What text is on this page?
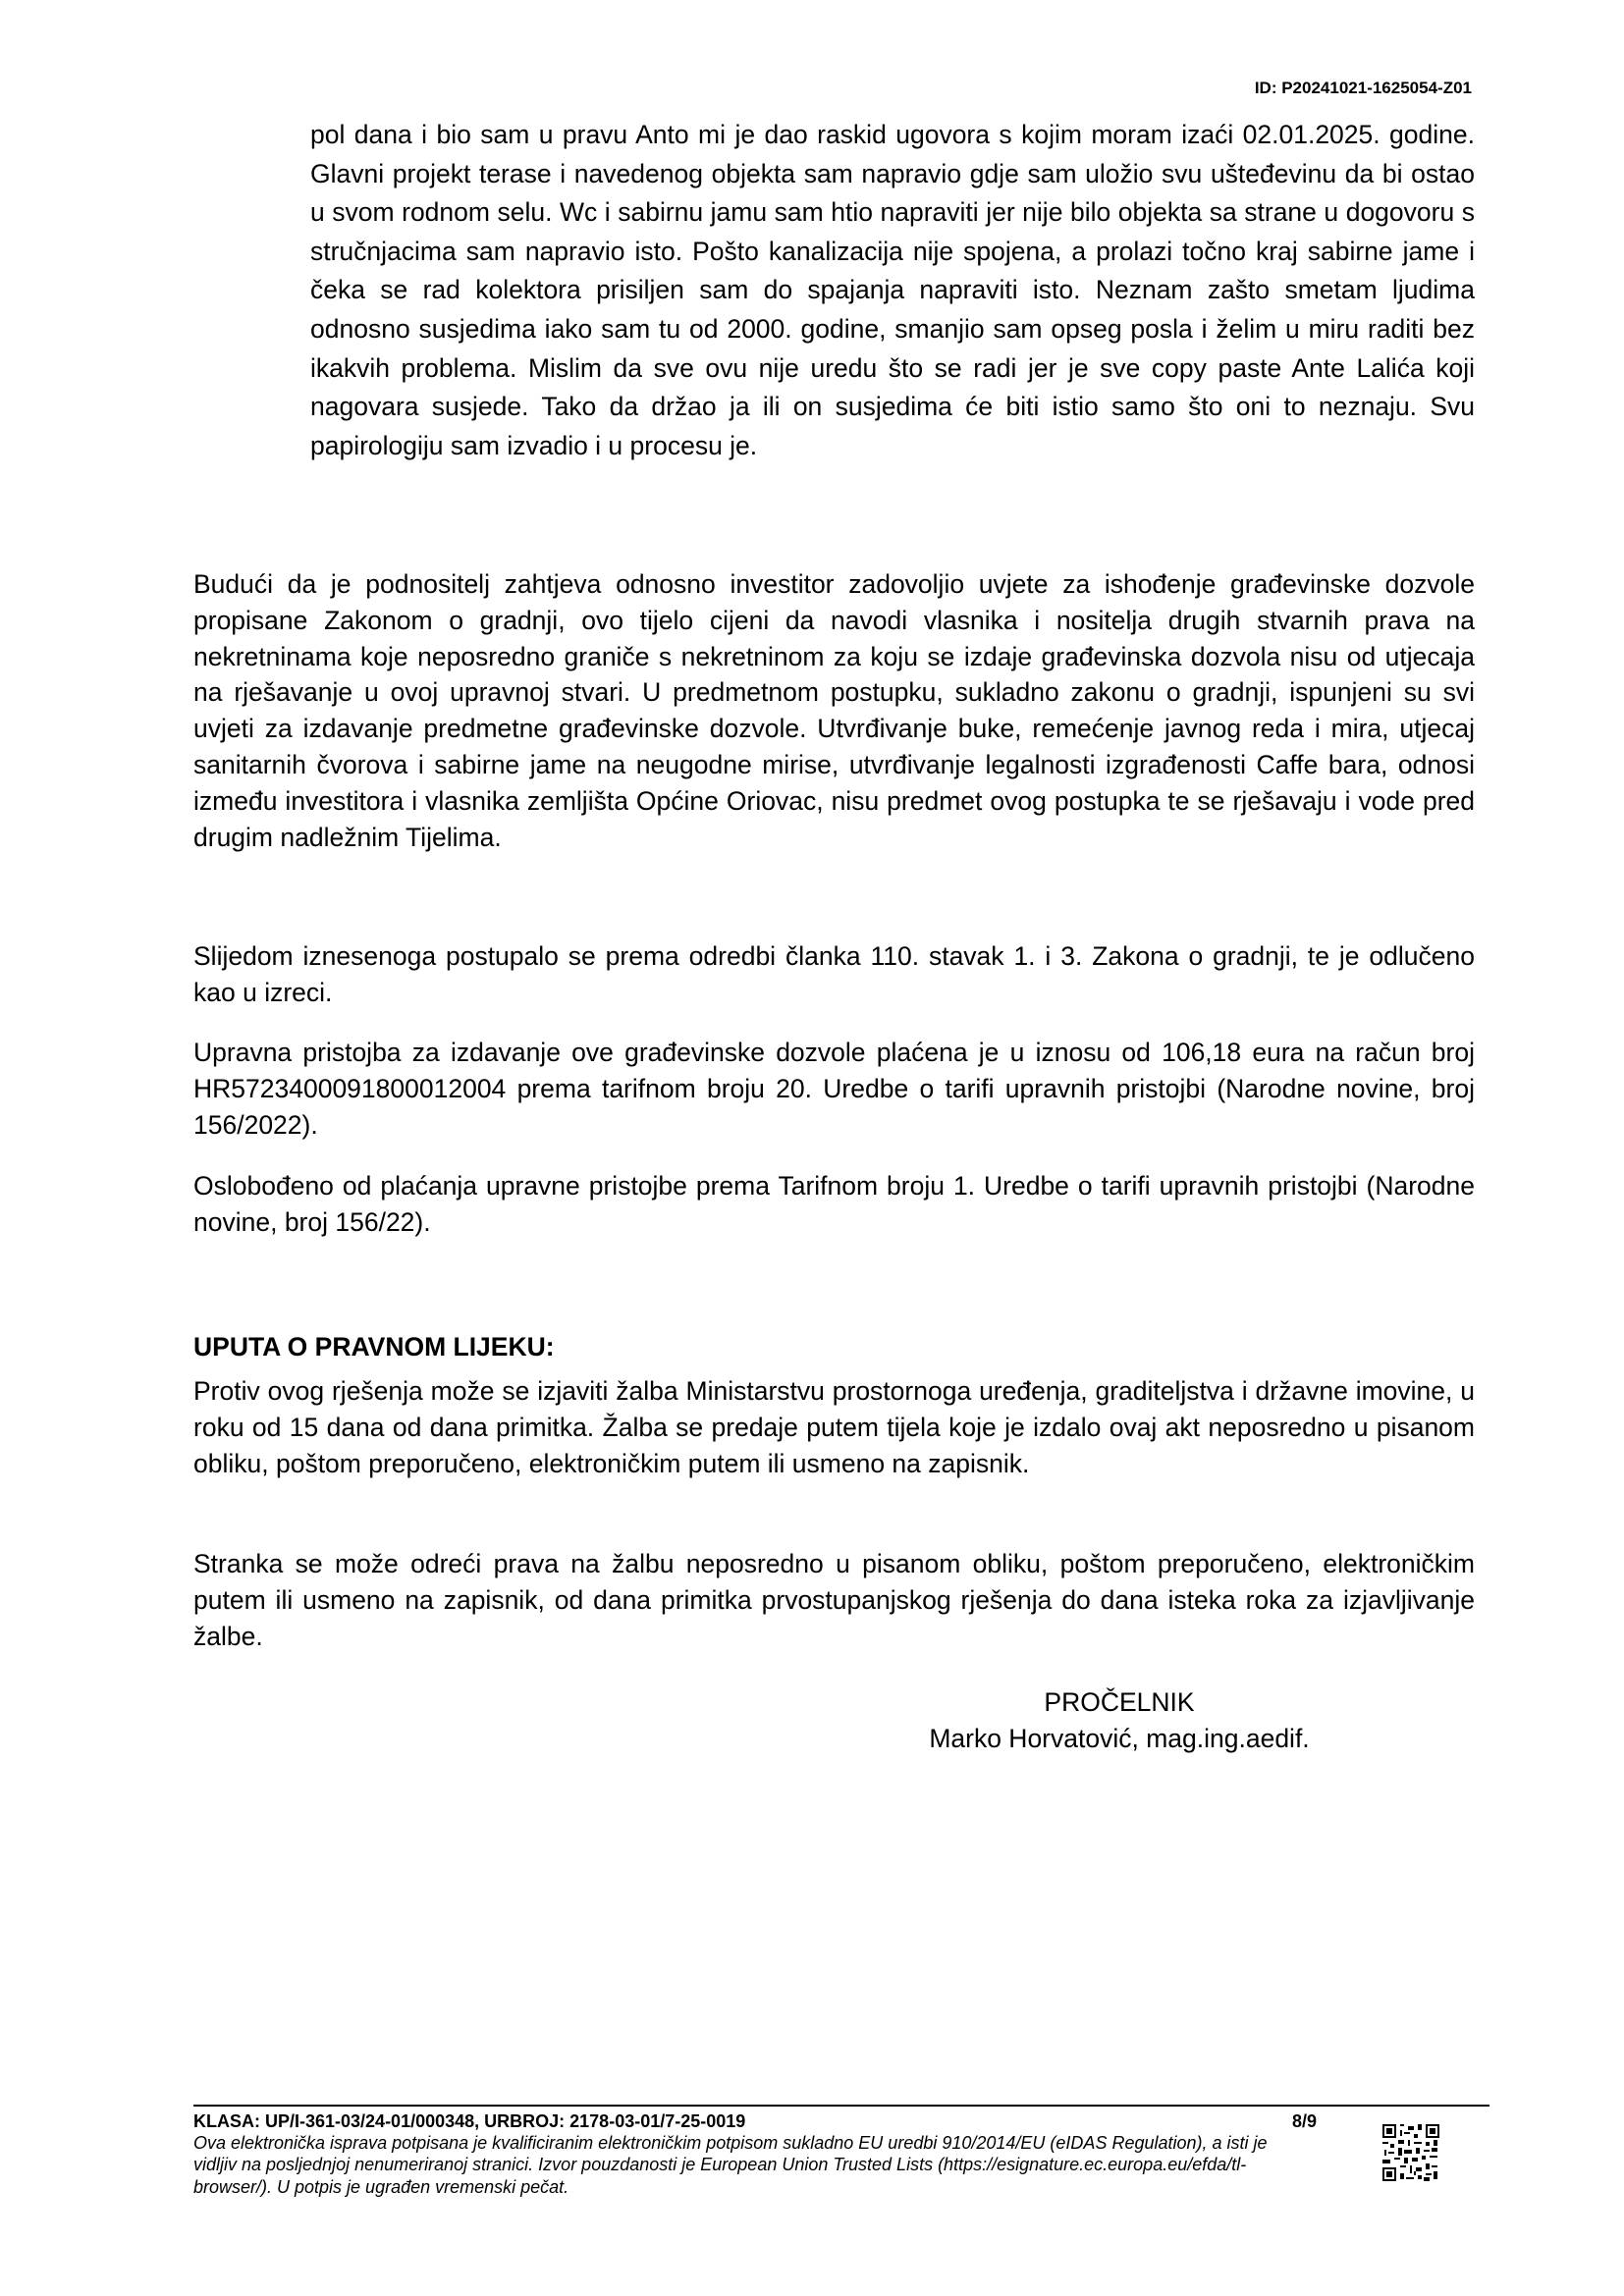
ID: P20241021-1625054-Z01

pol dana i bio sam u pravu Anto mi je dao raskid ugovora s kojim moram izaći 02.01.2025. godine. Glavni projekt terase i navedenog objekta sam napravio gdje sam uložio svu ušteđevinu da bi ostao u svom rodnom selu. Wc i sabirnu jamu sam htio napraviti jer nije bilo objekta sa strane u dogovoru s stručnjacima sam napravio isto. Pošto kanalizacija nije spojena, a prolazi točno kraj sabirne jame i čeka se rad kolektora prisiljen sam do spajanja napraviti isto. Neznam zašto smetam ljudima odnosno susjedima iako sam tu od 2000. godine, smanjio sam opseg posla i želim u miru raditi bez ikakvih problema. Mislim da sve ovu nije uredu što se radi jer je sve copy paste Ante Lalića koji nagovara susjede. Tako da držao ja ili on susjedima će biti istio samo što oni to neznaju. Svu papirologiju sam izvadio i u procesu je.

Budući da je podnositelj zahtjeva odnosno investitor zadovoljio uvjete za ishođenje građevinske dozvole propisane Zakonom o gradnji, ovo tijelo cijeni da navodi vlasnika i nositelja drugih stvarnih prava na nekretninama koje neposredno graniče s nekretninom za koju se izdaje građevinska dozvola nisu od utjecaja na rješavanje u ovoj upravnoj stvari. U predmetnom postupku, sukladno zakonu o gradnji, ispunjeni su svi uvjeti za izdavanje predmetne građevinske dozvole. Utvrđivanje buke, remećenje javnog reda i mira, utjecaj sanitarnih čvorova i sabirne jame na neugodne mirise, utvrđivanje legalnosti izgrađenosti Caffe bara, odnosi između investitora i vlasnika zemljišta Općine Oriovac, nisu predmet ovog postupka te se rješavaju i vode pred drugim nadležnim Tijelima.

Slijedom iznesenoga postupalo se prema odredbi članka 110. stavak 1. i 3. Zakona o gradnji, te je odlučeno kao u izreci.

Upravna pristojba za izdavanje ove građevinske dozvole plaćena je u iznosu od 106,18 eura na račun broj HR5723400091800012004 prema tarifnom broju 20. Uredbe o tarifi upravnih pristojbi (Narodne novine, broj 156/2022).

Oslobođeno od plaćanja upravne pristojbe prema Tarifnom broju 1. Uredbe o tarifi upravnih pristojbi (Narodne novine, broj 156/22).

UPUTA O PRAVNOM LIJEKU:

Protiv ovog rješenja može se izjaviti žalba Ministarstvu prostornoga uređenja, graditeljstva i državne imovine, u roku od 15 dana od dana primitka. Žalba se predaje putem tijela koje je izdalo ovaj akt neposredno u pisanom obliku, poštom preporučeno, elektroničkim putem ili usmeno na zapisnik.

Stranka se može odreći prava na žalbu neposredno u pisanom obliku, poštom preporučeno, elektroničkim putem ili usmeno na zapisnik, od dana primitka prvostupanjskog rješenja do dana isteka roka za izjavljivanje žalbe.

PROČELNIK
Marko Horvatović, mag.ing.aedif.
KLASA: UP/I-361-03/24-01/000348, URBROJ: 2178-03-01/7-25-0019	8/9
Ova elektronička isprava potpisana je kvalificiranim elektroničkim potpisom sukladno EU uredbi 910/2014/EU (eIDAS Regulation), a isti je vidljiv na posljednjoj nenumeriranoj stranici. Izvor pouzdanosti je European Union Trusted Lists (https://esignature.ec.europa.eu/efda/tl-browser/). U potpis je ugrađen vremenski pečat.
